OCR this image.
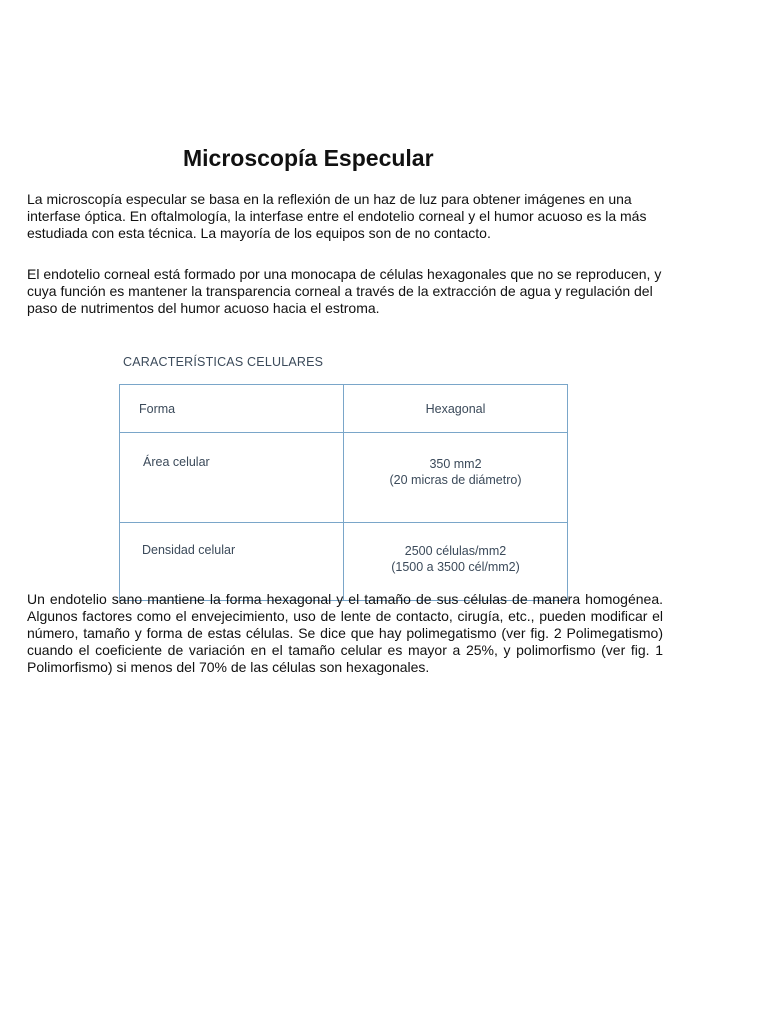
Microscopía Especular

La microscopía especular se basa en la reflexión de un haz de luz para obtener imágenes en una interfase óptica. En oftalmología, la interfase entre el endotelio corneal y el humor acuoso es la más estudiada con esta técnica. La mayoría de los equipos son de no contacto.

El endotelio corneal está formado por una monocapa de células hexagonales que no se reproducen, y cuya función es mantener la transparencia corneal a través de la extracción de agua y regulación del paso de nutrimentos del humor acuoso hacia el estroma.

CARACTERÍSTICAS CELULARES

Forma	Hexagonal

Área celular	350 mm2
(20 micras de diámetro)

Densidad celular	2500 células/mm2
(1500 a 3500 cél/mm2)

Un endotelio sano mantiene la forma hexagonal y el tamaño de sus células de manera homogénea. Algunos factores como el envejecimiento, uso de lente de contacto, cirugía, etc., pueden modificar el número, tamaño y forma de estas células. Se dice que hay polimegatismo (ver fig. 2 Polimegatismo) cuando el coeficiente de variación en el tamaño celular es mayor a 25%, y polimorfismo (ver fig. 1 Polimorfismo) si menos del 70% de las células son hexagonales.
